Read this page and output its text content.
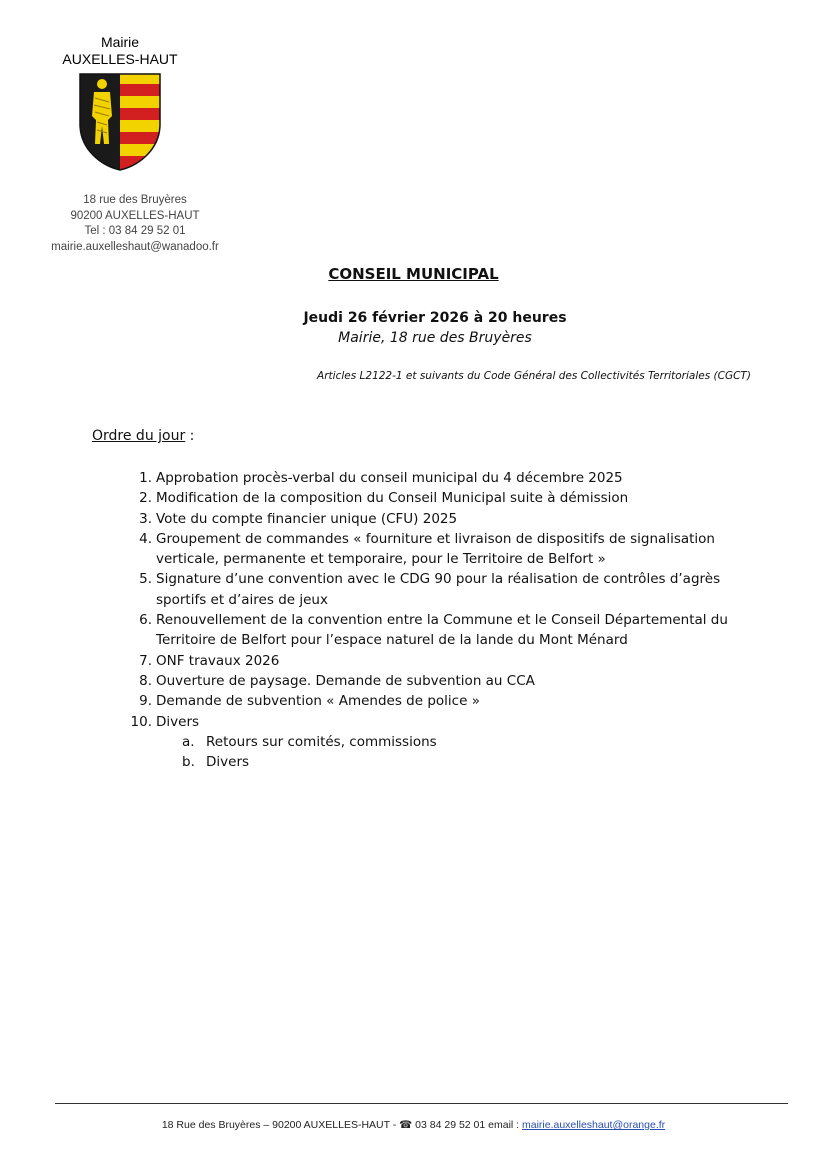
Mairie
AUXELLES-HAUT
18 rue des Bruyères
90200 AUXELLES-HAUT
Tel : 03 84 29 52 01
mairie.auxelleshaut@wanadoo.fr
CONSEIL MUNICIPAL
Jeudi 26 février 2026 à 20 heures
Mairie, 18 rue des Bruyères
Articles L2122-1 et suivants du Code Général des Collectivités Territoriales (CGCT)
Ordre du jour :
1. Approbation procès-verbal du conseil municipal du 4 décembre 2025
2. Modification de la composition du Conseil Municipal suite à démission
3. Vote du compte financier unique (CFU) 2025
4. Groupement de commandes « fourniture et livraison de dispositifs de signalisation verticale, permanente et temporaire, pour le Territoire de Belfort »
5. Signature d’une convention avec le CDG 90 pour la réalisation de contrôles d’agrès sportifs et d’aires de jeux
6. Renouvellement de la convention entre la Commune et le Conseil Départemental du Territoire de Belfort pour l’espace naturel de la lande du Mont Ménard
7. ONF travaux 2026
8. Ouverture de paysage. Demande de subvention au CCA
9. Demande de subvention « Amendes de police »
10. Divers
a. Retours sur comités, commissions
b. Divers
18 Rue des Bruyères – 90200 AUXELLES-HAUT - ☎ 03 84 29 52 01 email : mairie.auxelleshaut@orange.fr
